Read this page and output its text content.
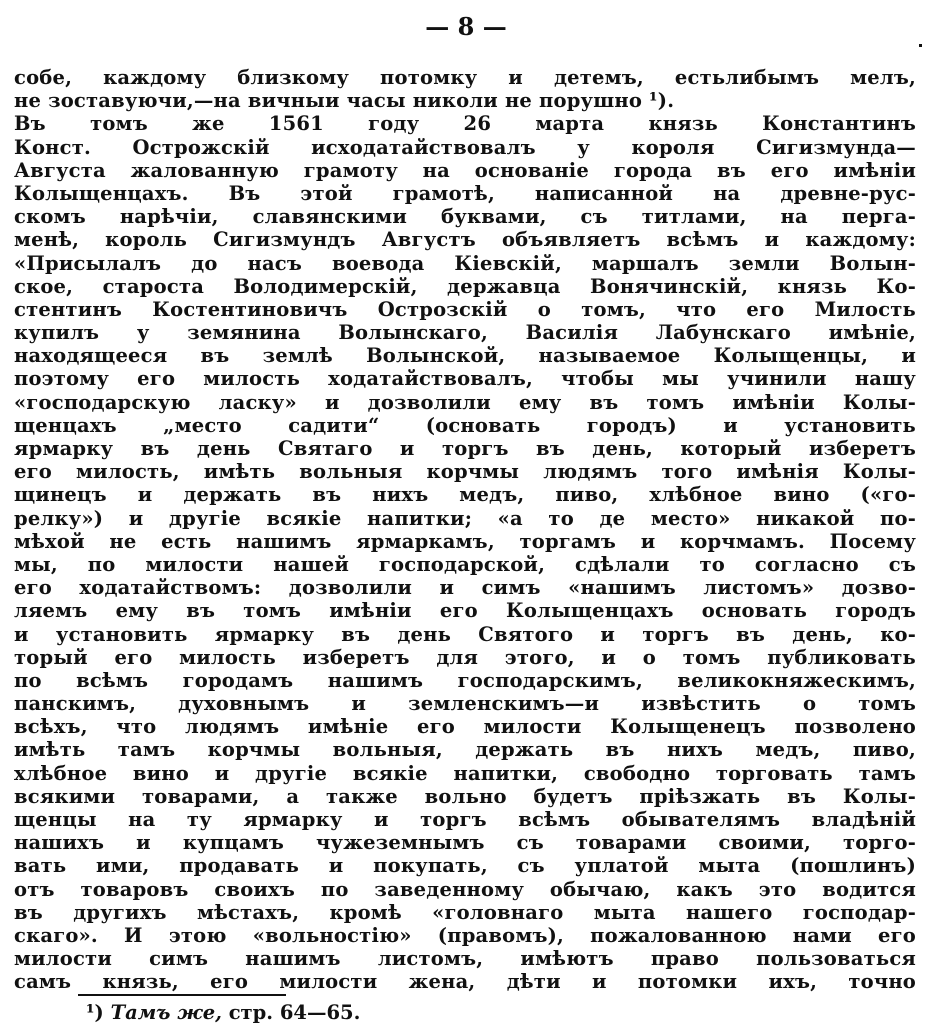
— 8 —
собе, каждому близкому потомку и детемъ, естьлибымъ мелъ,
не зоставуючи,—на вичныи часы николи не порушно ¹).
Въ томъ же 1561 году 26 марта князь Константинъ
Конст. Острожскій исходатайствовалъ у короля Сигизмунда—
Августа жалованную грамоту на основаніе города въ его имѣніи
Колыщенцахъ. Въ этой грамотѣ, написанной на древне-рус-
скомъ нарѣчіи, славянскими буквами, съ титлами, на перга-
менѣ, король Сигизмундъ Августъ объявляетъ всѣмъ и каждому:
«Присылалъ до насъ воевода Кіевскій, маршалъ земли Волын-
ское, староста Володимерскій, державца Вонячинскій, князь Ко-
стентинъ Костентиновичъ Острозскій о томъ, что его Милость
купилъ у земянина Волынскаго, Василія Лабунскаго имѣніе,
находящееся въ землѣ Волынской, называемое Колыщенцы, и
поэтому его милость ходатайствовалъ, чтобы мы учинили нашу
«господарскую ласку» и дозволили ему въ томъ имѣніи Колы-
щенцахъ „место садити“ (основать городъ) и установить
ярмарку въ день Святаго и торгъ въ день, который изберетъ
его милость, имѣть вольныя корчмы людямъ того имѣнія Колы-
щинецъ и держать въ нихъ медъ, пиво, хлѣбное вино («го-
релку») и другіе всякіе напитки; «а то де место» никакой по-
мѣхой не есть нашимъ ярмаркамъ, торгамъ и корчмамъ. Посему
мы, по милости нашей господарской, сдѣлали то согласно съ
его ходатайствомъ: дозволили и симъ «нашимъ листомъ» дозво-
ляемъ ему въ томъ имѣніи его Колыщенцахъ основать городъ
и установить ярмарку въ день Святого и торгъ въ день, ко-
торый его милость изберетъ для этого, и о томъ публиковать
по всѣмъ городамъ нашимъ господарскимъ, великокняжескимъ,
панскимъ, духовнымъ и земленскимъ—и извѣстить о томъ
всѣхъ, что людямъ имѣніе его милости Колыщенецъ позволено
имѣть тамъ корчмы вольныя, держать въ нихъ медъ, пиво,
хлѣбное вино и другіе всякіе напитки, свободно торговать тамъ
всякими товарами, а также вольно будетъ пріѣзжать въ Колы-
щенцы на ту ярмарку и торгъ всѣмъ обывателямъ владѣній
нашихъ и купцамъ чужеземнымъ съ товарами своими, торго-
вать ими, продавать и покупать, съ уплатой мыта (пошлинъ)
отъ товаровъ своихъ по заведенному обычаю, какъ это водится
въ другихъ мѣстахъ, кромѣ «головнаго мыта нашего господар-
скаго». И этою «вольностію» (правомъ), пожалованною нами его
милости симъ нашимъ листомъ, имѣютъ право пользоваться
самъ князь, его милости жена, дѣти и потомки ихъ, точно
¹) Тамъ же, стр. 64—65.
